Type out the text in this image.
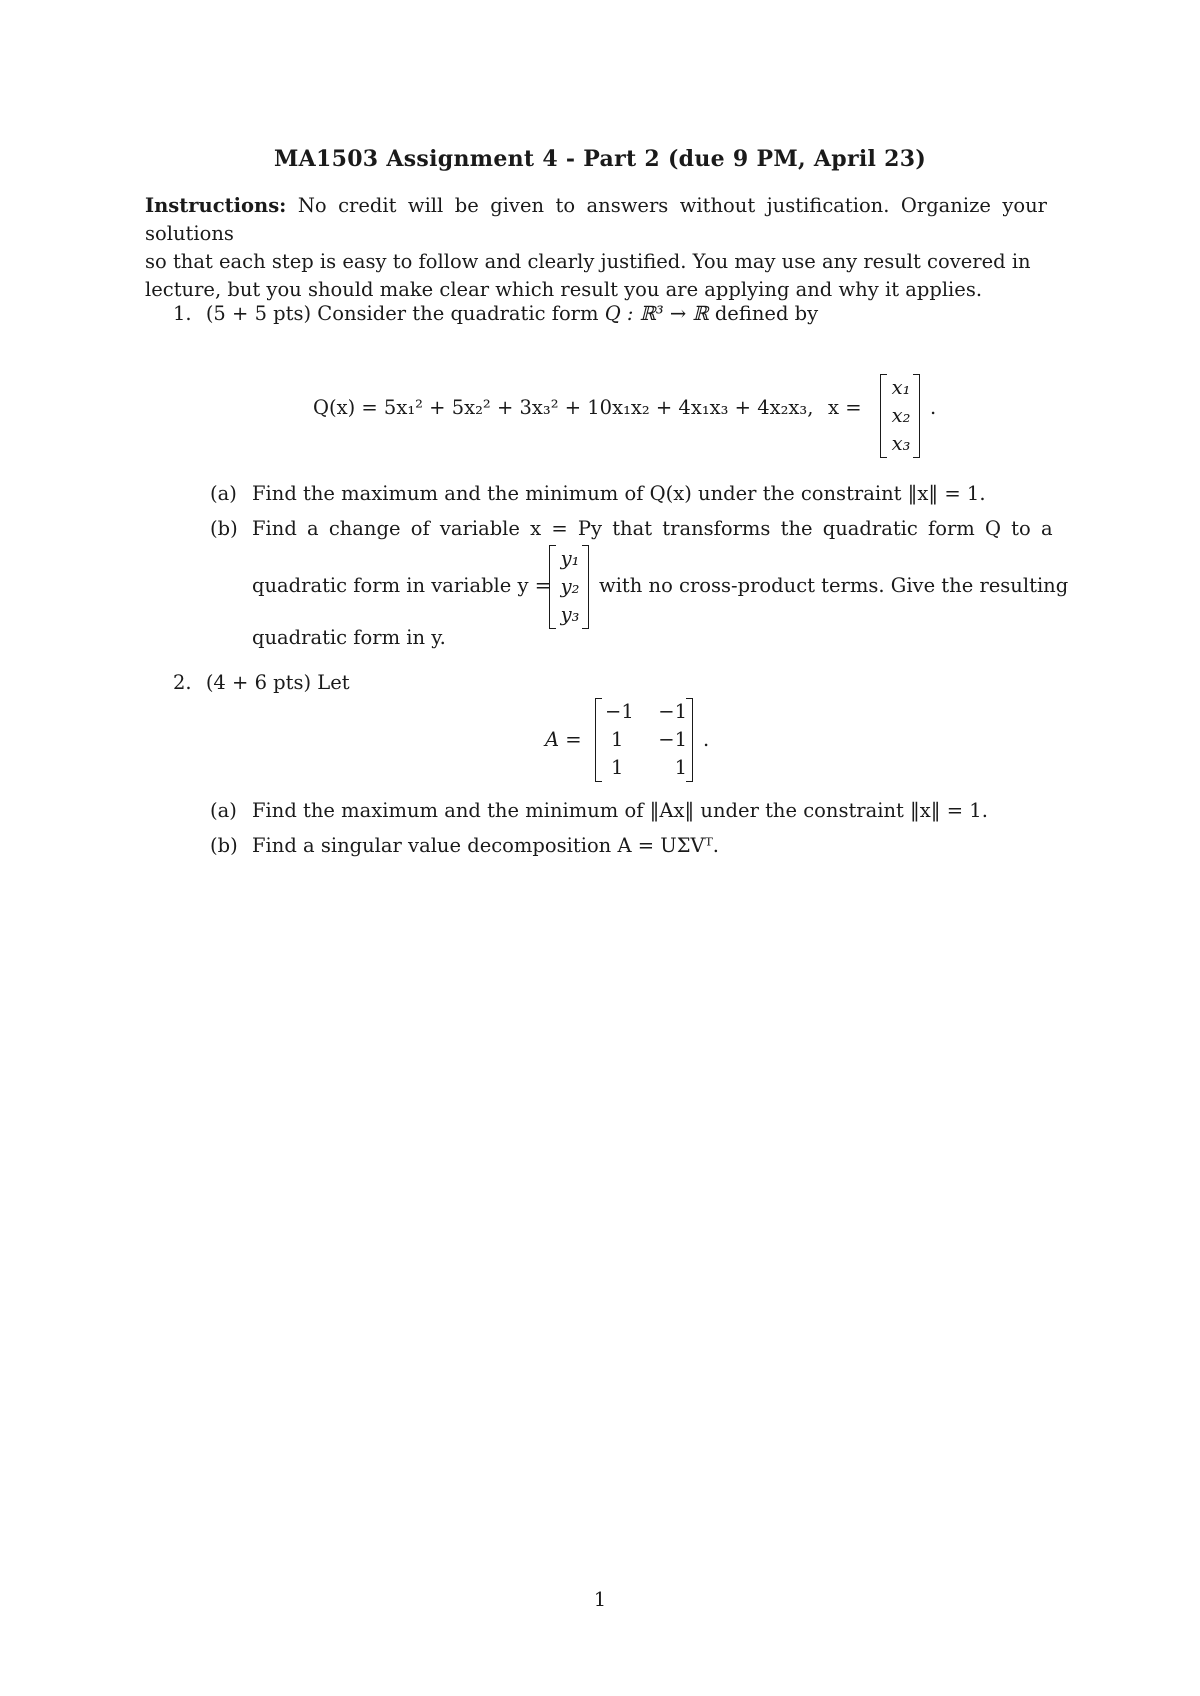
MA1503 Assignment 4 - Part 2 (due 9 PM, April 23)
Instructions: No credit will be given to answers without justification. Organize your solutions
so that each step is easy to follow and clearly justified. You may use any result covered in
lecture, but you should make clear which result you are applying and why it applies.
1. (5 + 5 pts) Consider the quadratic form Q : ℝ³ → ℝ defined by
Q(x) = 5x₁² + 5x₂² + 3x₃² + 10x₁x₂ + 4x₁x₃ + 4x₂x₃, x =
x₁
x₂
x₃
.
(a) Find the maximum and the minimum of Q(x) under the constraint ‖x‖ = 1.
(b) Find a change of variable x = Py that transforms the quadratic form Q to a
quadratic form in variable y =
y₁
y₂
y₃
with no cross-product terms. Give the resulting
quadratic form in y.
2. (4 + 6 pts) Let
A =
−1
1
1
−1
−1
1
.
(a) Find the maximum and the minimum of ‖Ax‖ under the constraint ‖x‖ = 1.
(b) Find a singular value decomposition A = UΣVᵀ.
1
